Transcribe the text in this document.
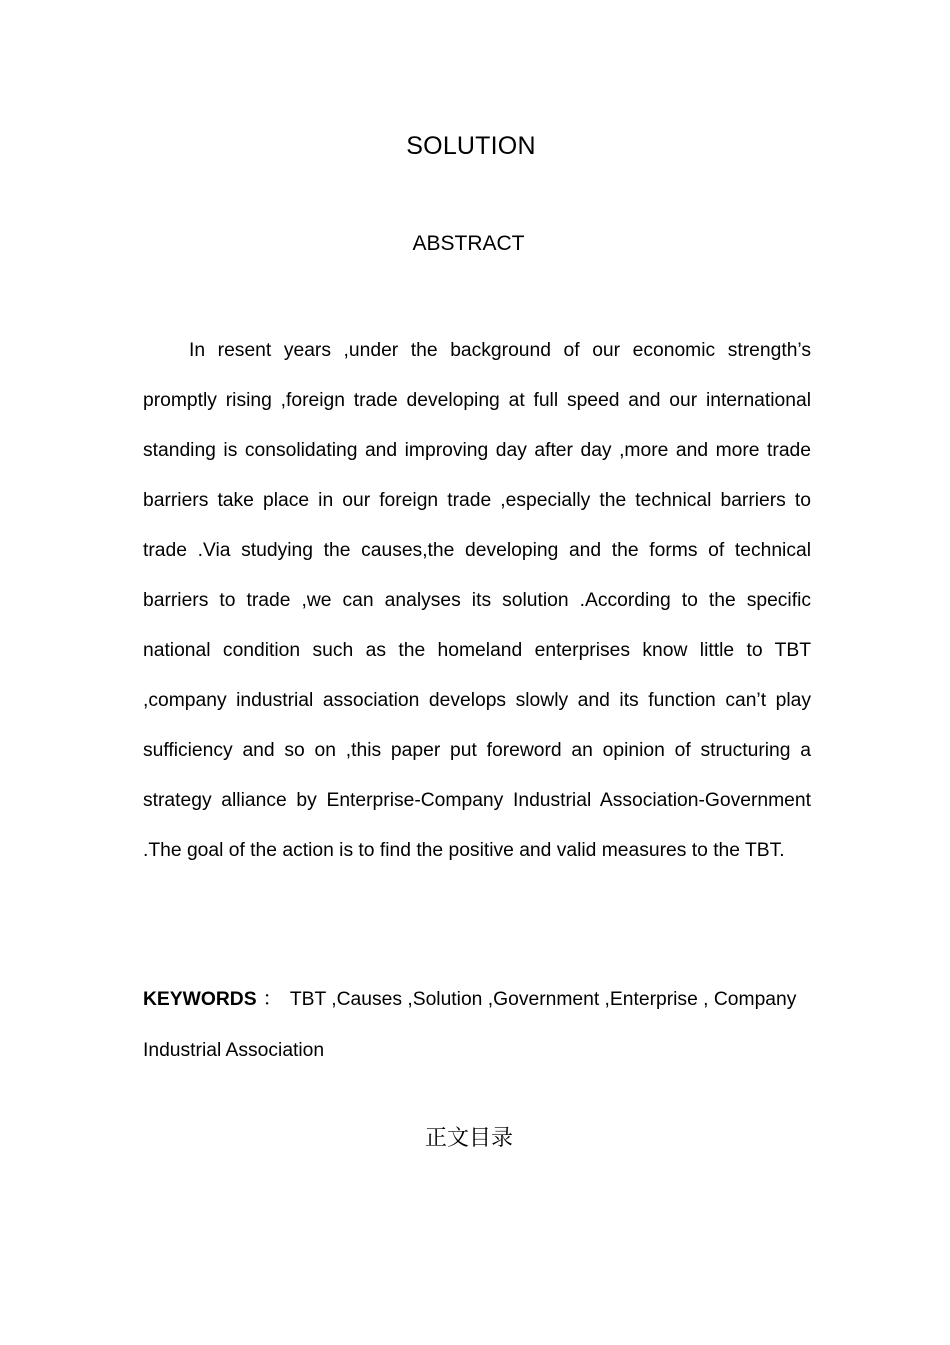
SOLUTION
ABSTRACT

In resent years ,under the background of our economic strength’s promptly rising ,foreign trade developing at full speed and our international standing is consolidating and improving day after day ,more and more trade barriers take place in our foreign trade ,especially the technical barriers to trade .Via studying the causes,the developing and the forms of technical barriers to trade ,we can analyses its solution .According to the specific national condition such as the homeland enterprises know little to TBT ,company industrial association develops slowly and its function can’t play sufficiency and so on ,this paper put foreword an opinion of structuring a strategy alliance by Enterprise-Company Industrial Association-Government .The goal of the action is to find the positive and valid measures to the TBT.

KEYWORDS ： TBT ,Causes ,Solution ,Government ,Enterprise , Company Industrial Association

正文目录
